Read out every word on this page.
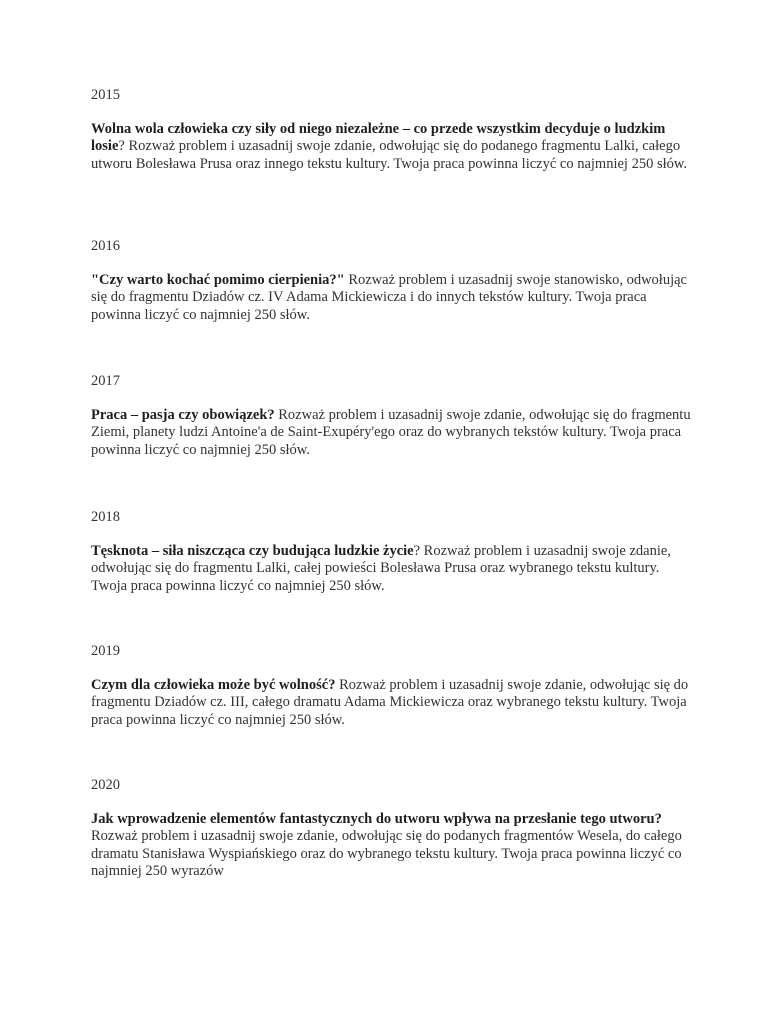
2015

Wolna wola człowieka czy siły od niego niezależne – co przede wszystkim decyduje o ludzkim losie? Rozważ problem i uzasadnij swoje zdanie, odwołując się do podanego fragmentu Lalki, całego utworu Bolesława Prusa oraz innego tekstu kultury. Twoja praca powinna liczyć co najmniej 250 słów.

2016

"Czy warto kochać pomimo cierpienia?" Rozważ problem i uzasadnij swoje stanowisko, odwołując się do fragmentu Dziadów cz. IV Adama Mickiewicza i do innych tekstów kultury. Twoja praca powinna liczyć co najmniej 250 słów.

2017

Praca – pasja czy obowiązek? Rozważ problem i uzasadnij swoje zdanie, odwołując się do fragmentu Ziemi, planety ludzi Antoine'a de Saint-Exupéry'ego oraz do wybranych tekstów kultury. Twoja praca powinna liczyć co najmniej 250 słów.

2018

Tęsknota – siła niszcząca czy budująca ludzkie życie? Rozważ problem i uzasadnij swoje zdanie, odwołując się do fragmentu Lalki, całej powieści Bolesława Prusa oraz wybranego tekstu kultury. Twoja praca powinna liczyć co najmniej 250 słów.

2019

Czym dla człowieka może być wolność? Rozważ problem i uzasadnij swoje zdanie, odwołując się do fragmentu Dziadów cz. III, całego dramatu Adama Mickiewicza oraz wybranego tekstu kultury. Twoja praca powinna liczyć co najmniej 250 słów.

2020

Jak wprowadzenie elementów fantastycznych do utworu wpływa na przesłanie tego utworu? Rozważ problem i uzasadnij swoje zdanie, odwołując się do podanych fragmentów Wesela, do całego dramatu Stanisława Wyspiańskiego oraz do wybranego tekstu kultury. Twoja praca powinna liczyć co najmniej 250 wyrazów
